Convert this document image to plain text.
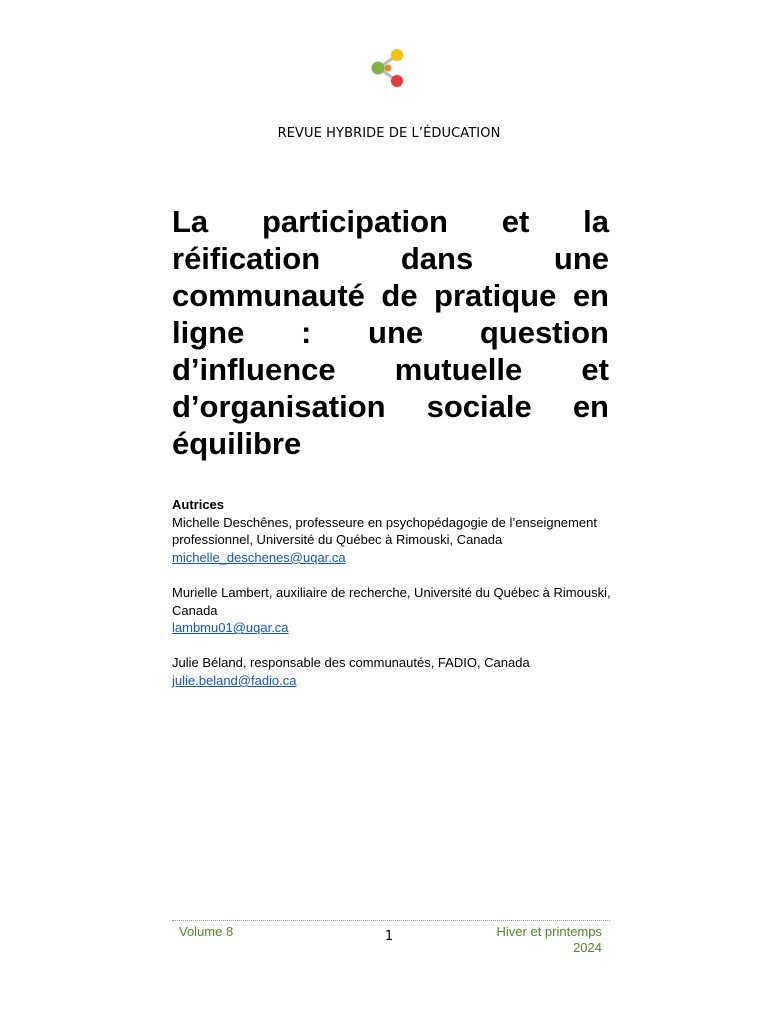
REVUE HYBRIDE DE L’ÉDUCATION
La participation et la réification dans une communauté de pratique en ligne : une question d’influence mutuelle et d’organisation sociale en équilibre
Autrices
Michelle Deschênes, professeure en psychopédagogie de l’enseignement professionnel, Université du Québec à Rimouski, Canada
michelle_deschenes@uqar.ca
Murielle Lambert, auxiliaire de recherche, Université du Québec à Rimouski, Canada
lambmu01@uqar.ca
Julie Béland, responsable des communautés, FADIO, Canada
julie.beland@fadio.ca
Volume 8	1	Hiver et printemps
2024
